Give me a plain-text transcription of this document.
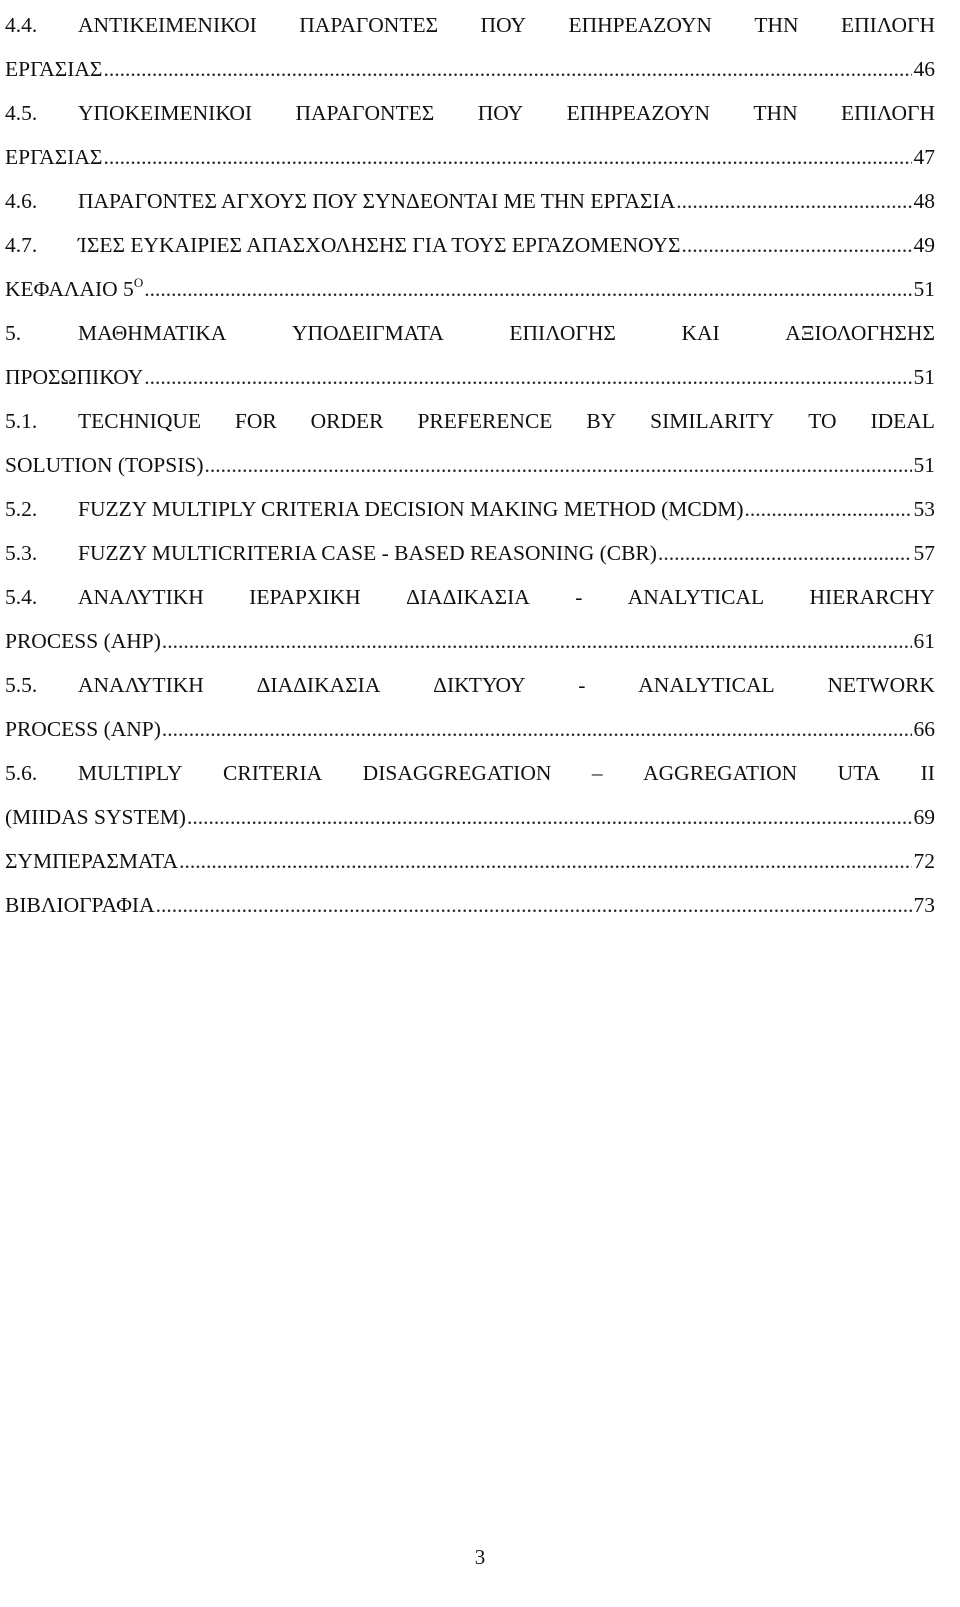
4.4.	ΑΝΤΙΚΕΙΜΕΝΙΚΟΙ ΠΑΡΑΓΟΝΤΕΣ ΠΟΥ ΕΠΗΡΕΑΖΟΥΝ ΤΗΝ ΕΠΙΛΟΓΗ
ΕΡΓΑΣΙΑΣ .....	46
4.5.	ΥΠΟΚΕΙΜΕΝΙΚΟΙ ΠΑΡΑΓΟΝΤΕΣ ΠΟΥ ΕΠΗΡΕΑΖΟΥΝ ΤΗΝ ΕΠΙΛΟΓΗ
ΕΡΓΑΣΙΑΣ .....	47
4.6.	ΠΑΡΑΓΟΝΤΕΣ ΑΓΧΟΥΣ ΠΟΥ ΣΥΝΔΕΟΝΤΑΙ ΜΕ ΤΗΝ ΕΡΓΑΣΙΑ .....	48
4.7.	ΊΣΕΣ ΕΥΚΑΙΡΙΕΣ ΑΠΑΣΧΟΛΗΣΗΣ ΓΙΑ ΤΟΥΣ ΕΡΓΑΖΟΜΕΝΟΥΣ .....	49
ΚΕΦΑΛΑΙΟ $5^O$ .....	51
5.	ΜΑΘΗΜΑΤΙΚΑ	ΥΠΟΔΕΙΓΜΑΤΑ	ΕΠΙΛΟΓΗΣ	ΚΑΙ	ΑΞΙΟΛΟΓΗΣΗΣ
ΠΡΟΣΩΠΙΚΟΥ .....	51
5.1.	TECHNIQUE FOR ORDER PREFERENCE BY SIMILARITY TO IDEAL
SOLUTION (TOPSIS) .....	51
5.2.	FUZZY MULTIPLY CRITERIA DECISION MAKING METHOD (MCDM) .....	53
5.3.	FUZZY MULTICRITERIA CASE - BASED REASONING (CBR) .....	57
5.4.	ΑΝΑΛΥΤΙΚΗ ΙΕΡΑΡΧΙΚΗ ΔΙΑΔΙΚΑΣΙΑ - ANALYTICAL HIERARCHY
PROCESS (AHP) .....	61
5.5.	ΑΝΑΛΥΤΙΚΗ ΔΙΑΔΙΚΑΣΙΑ ΔΙΚΤΥΟΥ - ANALYTICAL NETWORK
PROCESS (ANP) .....	66
5.6.	MULTIPLY CRITERIA DISAGGREGATION – AGGREGATION UTA II
(MIIDAS SYSTEM) .....	69
ΣΥΜΠΕΡΑΣΜΑΤΑ .....	72
ΒΙΒΛΙΟΓΡΑΦΙΑ .....	73
3
